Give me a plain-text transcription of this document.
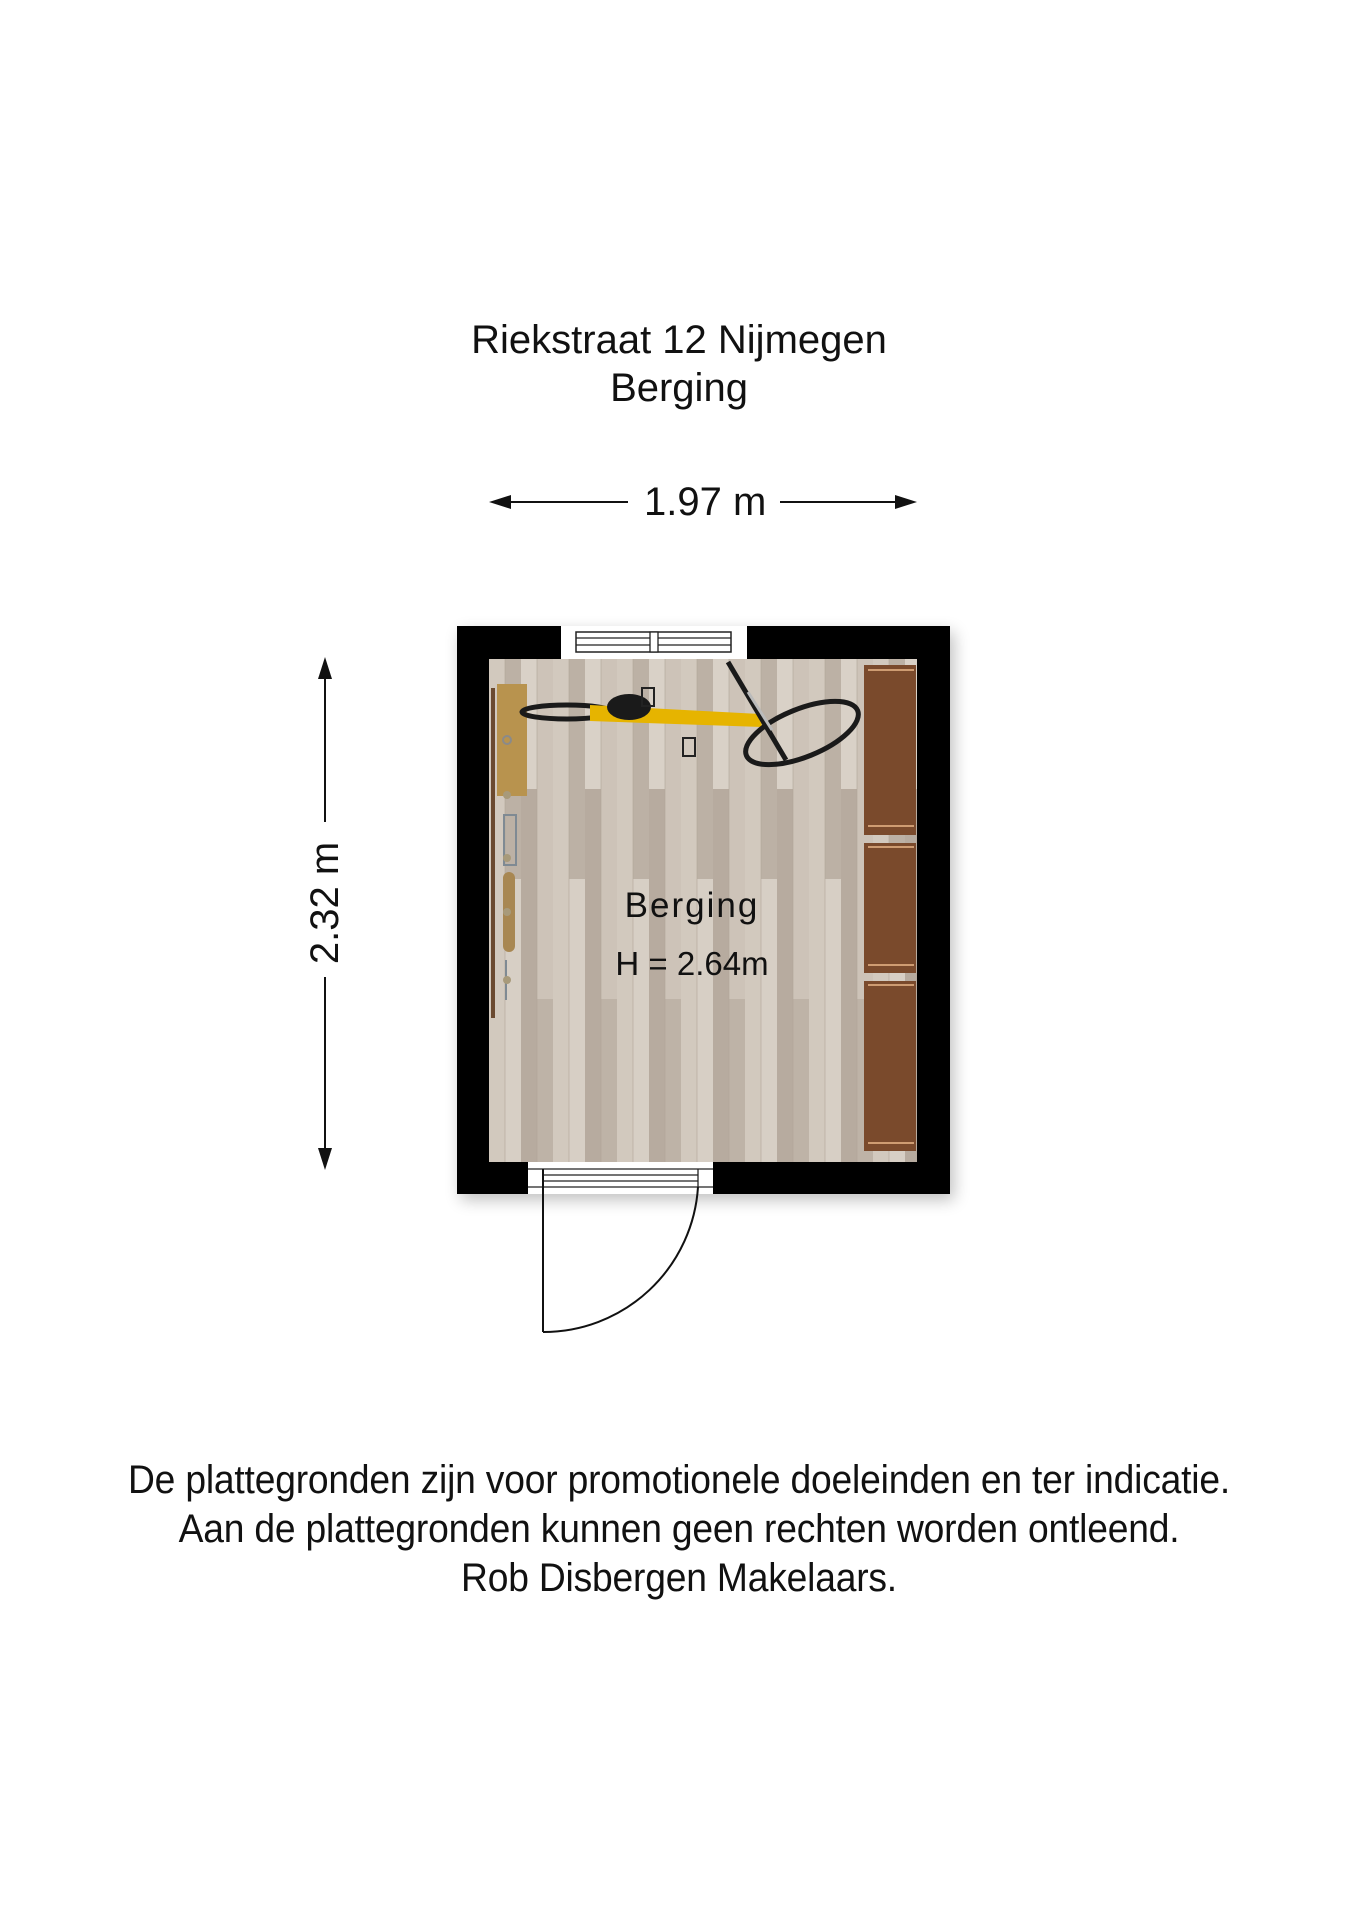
Riekstraat 12 Nijmegen
Berging
1.97 m
2.32 m	Berging
H = 2.64m
De plattegronden zijn voor promotionele doeleinden en ter indicatie.
Aan de plattegronden kunnen geen rechten worden ontleend.
Rob Disbergen Makelaars.
